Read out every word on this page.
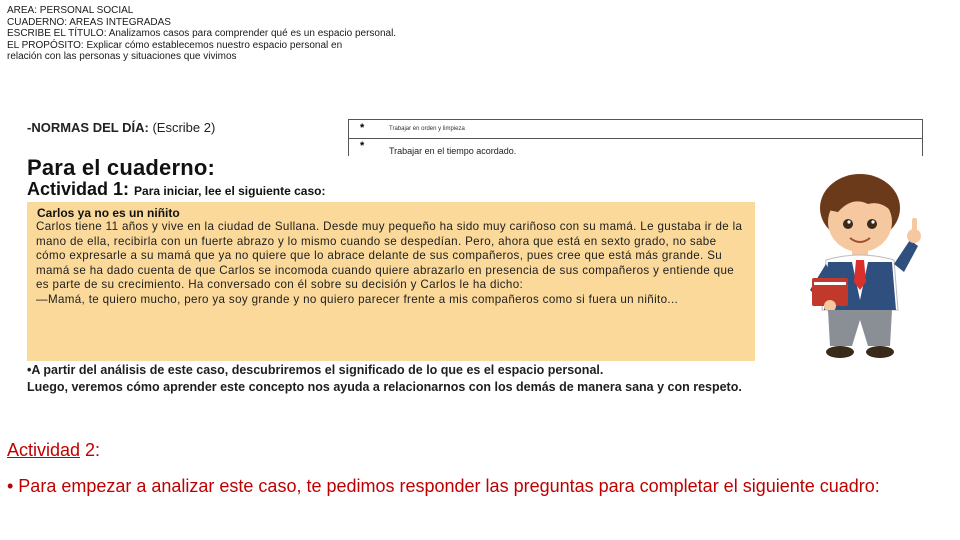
AREA: PERSONAL SOCIAL
CUADERNO: AREAS INTEGRADAS
ESCRIBE EL TÍTULO: Analizamos casos para comprender qué es un espacio personal.
EL PROPÓSITO: Explicar cómo establecemos nuestro espacio personal en
relación con las personas y situaciones que vivimos
-NORMAS DEL DÍA: (Escribe 2)	*	Trabajar en orden y limpieza
*	Trabajar en el tiempo acordado.
Para el cuaderno:
Actividad 1: Para iniciar, lee el siguiente caso:
Carlos ya no es un niñito

Carlos tiene 11 años y vive en la ciudad de Sullana. Desde muy pequeño ha sido muy cariñoso con su mamá. Le gustaba ir de la mano de ella, recibirla con un fuerte abrazo y lo mismo cuando se despedían. Pero, ahora que está en sexto grado, no sabe cómo expresarle a su mamá que ya no quiere que lo abrace delante de sus compañeros, pues cree que está más grande. Su mamá se ha dado cuenta de que Carlos se incomoda cuando quiere abrazarlo en presencia de sus compañeros y entiende que es parte de su crecimiento. Ha conversado con él sobre su decisión y Carlos le ha dicho:

—Mamá, te quiero mucho, pero ya soy grande y no quiero parecer frente a mis compañeros como si fuera un niñito...

•A partir del análisis de este caso, descubriremos el significado de lo que es el espacio personal.

Luego, veremos cómo aprender este concepto nos ayuda a relacionarnos con los demás de manera sana y con respeto.

Actividad 2:
• Para empezar a analizar este caso, te pedimos responder las preguntas para completar el siguiente cuadro:
